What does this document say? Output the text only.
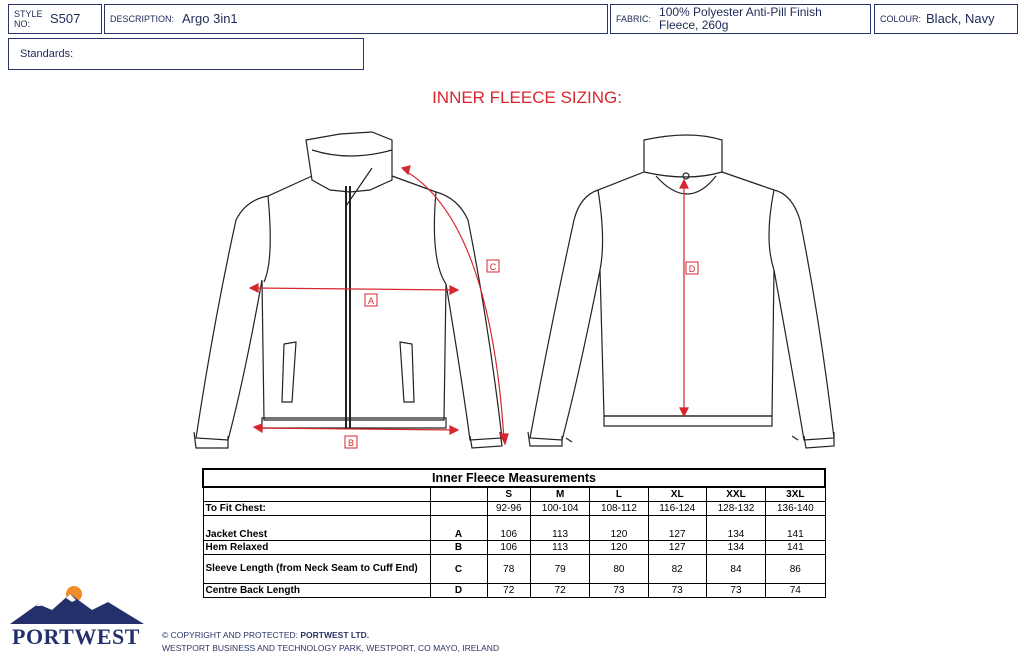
STYLE NO:	S507	DESCRIPTION: Argo 3in1	FABRIC: 100% Polyester Anti-Pill Finish
Fleece, 260g	COLOUR: Black, Navy
Standards:
INNER FLEECE SIZING:
A
B
C	D
Inner Fleece Measurements							
		S	M	L	XL	XXL	3XL
To Fit Chest:		92-96	100-104	108-112	116-124	128-132	136-140
Jacket Chest	A	106	113	120	127	134	141
Hem Relaxed	B	106	113	120	127	134	141
Sleeve Length (from Neck Seam to Cuff End)	C	78	79	80	82	84	86
Centre Back Length	D	72	72	73	73	73	74
PORTWEST	© COPYRIGHT AND PROTECTED: PORTWEST LTD.
WESTPORT BUSINESS AND TECHNOLOGY PARK, WESTPORT, CO MAYO, IRELAND
